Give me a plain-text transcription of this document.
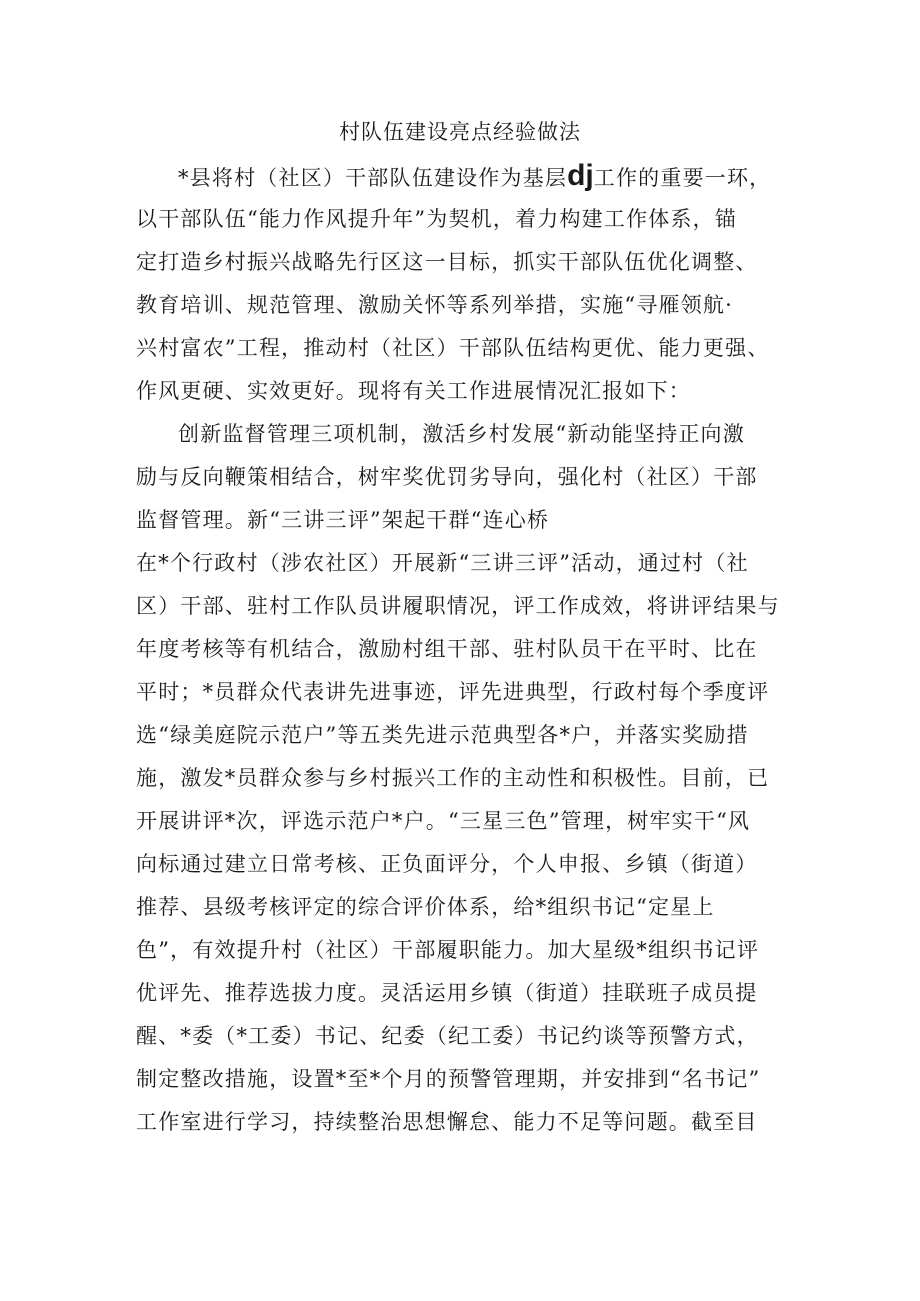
村队伍建设亮点经验做法
*县将村（社区）干部队伍建设作为基层dj工作的重要一环，
以干部队伍“能力作风提升年”为契机，着力构建工作体系，锚
定打造乡村振兴战略先行区这一目标，抓实干部队伍优化调整、
教育培训、规范管理、激励关怀等系列举措，实施“寻雁领航·
兴村富农”工程，推动村（社区）干部队伍结构更优、能力更强、
作风更硬、实效更好。现将有关工作进展情况汇报如下：
创新监督管理三项机制，激活乡村发展“新动能坚持正向激
励与反向鞭策相结合，树牢奖优罚劣导向，强化村（社区）干部
监督管理。新“三讲三评”架起干群“连心桥
在*个行政村（涉农社区）开展新“三讲三评”活动，通过村（社
区）干部、驻村工作队员讲履职情况，评工作成效，将讲评结果与
年度考核等有机结合，激励村组干部、驻村队员干在平时、比在
平时；*员群众代表讲先进事迹，评先进典型，行政村每个季度评
选“绿美庭院示范户”等五类先进示范典型各*户，并落实奖励措
施，激发*员群众参与乡村振兴工作的主动性和积极性。目前，已
开展讲评*次，评选示范户*户。“三星三色”管理，树牢实干“风
向标通过建立日常考核、正负面评分，个人申报、乡镇（街道）
推荐、县级考核评定的综合评价体系，给*组织书记“定星上
色”，有效提升村（社区）干部履职能力。加大星级*组织书记评
优评先、推荐选拔力度。灵活运用乡镇（街道）挂联班子成员提
醒、*委（*工委）书记、纪委（纪工委）书记约谈等预警方式，
制定整改措施，设置*至*个月的预警管理期，并安排到“名书记”
工作室进行学习，持续整治思想懈怠、能力不足等问题。截至目
